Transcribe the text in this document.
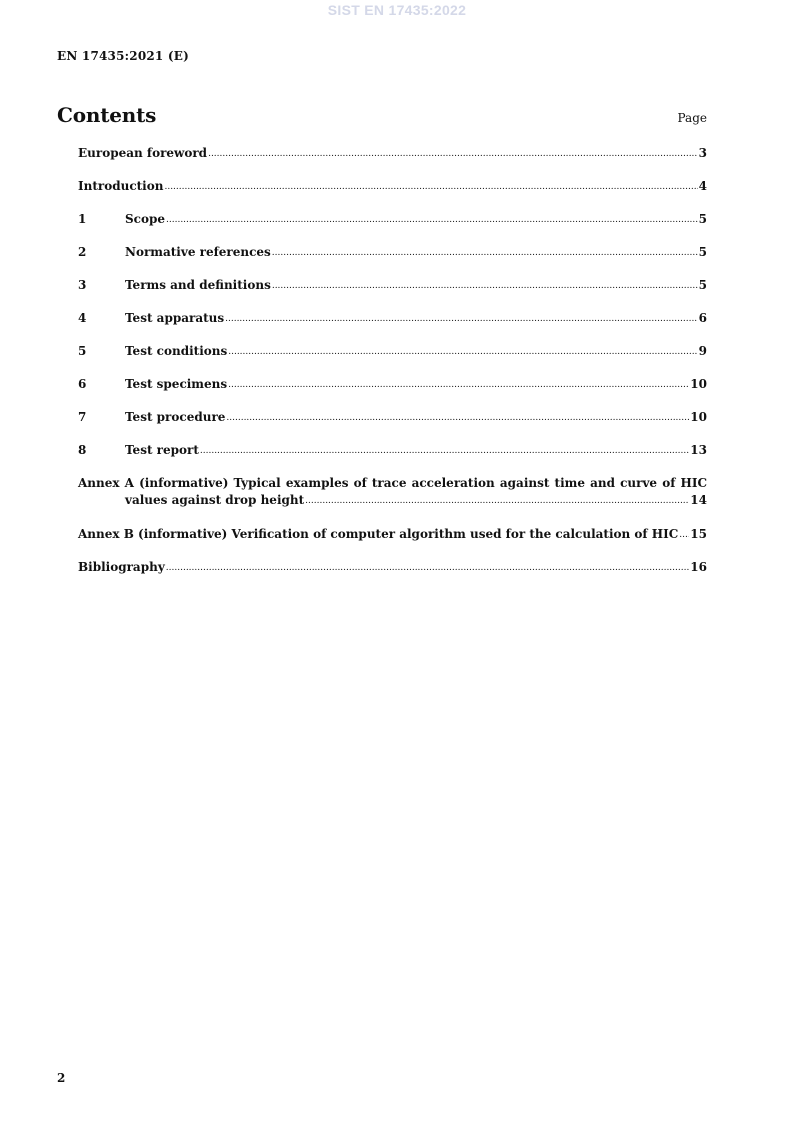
SIST EN 17435:2022
EN 17435:2021 (E)
Contents	Page
European foreword .....	3
Introduction .....	4
1	Scope .....	5
2	Normative references .....	5
3	Terms and definitions .....	5
4	Test apparatus .....	6
5	Test conditions .....	9
6	Test specimens .....	10
7	Test procedure .....	10
8	Test report .....	13
Annex A (informative) Typical examples of trace acceleration against time and curve of HIC
values against drop height .....	14
Annex B (informative) Verification of computer algorithm used for the calculation of HIC ..... 15
Bibliography .....	16
2
